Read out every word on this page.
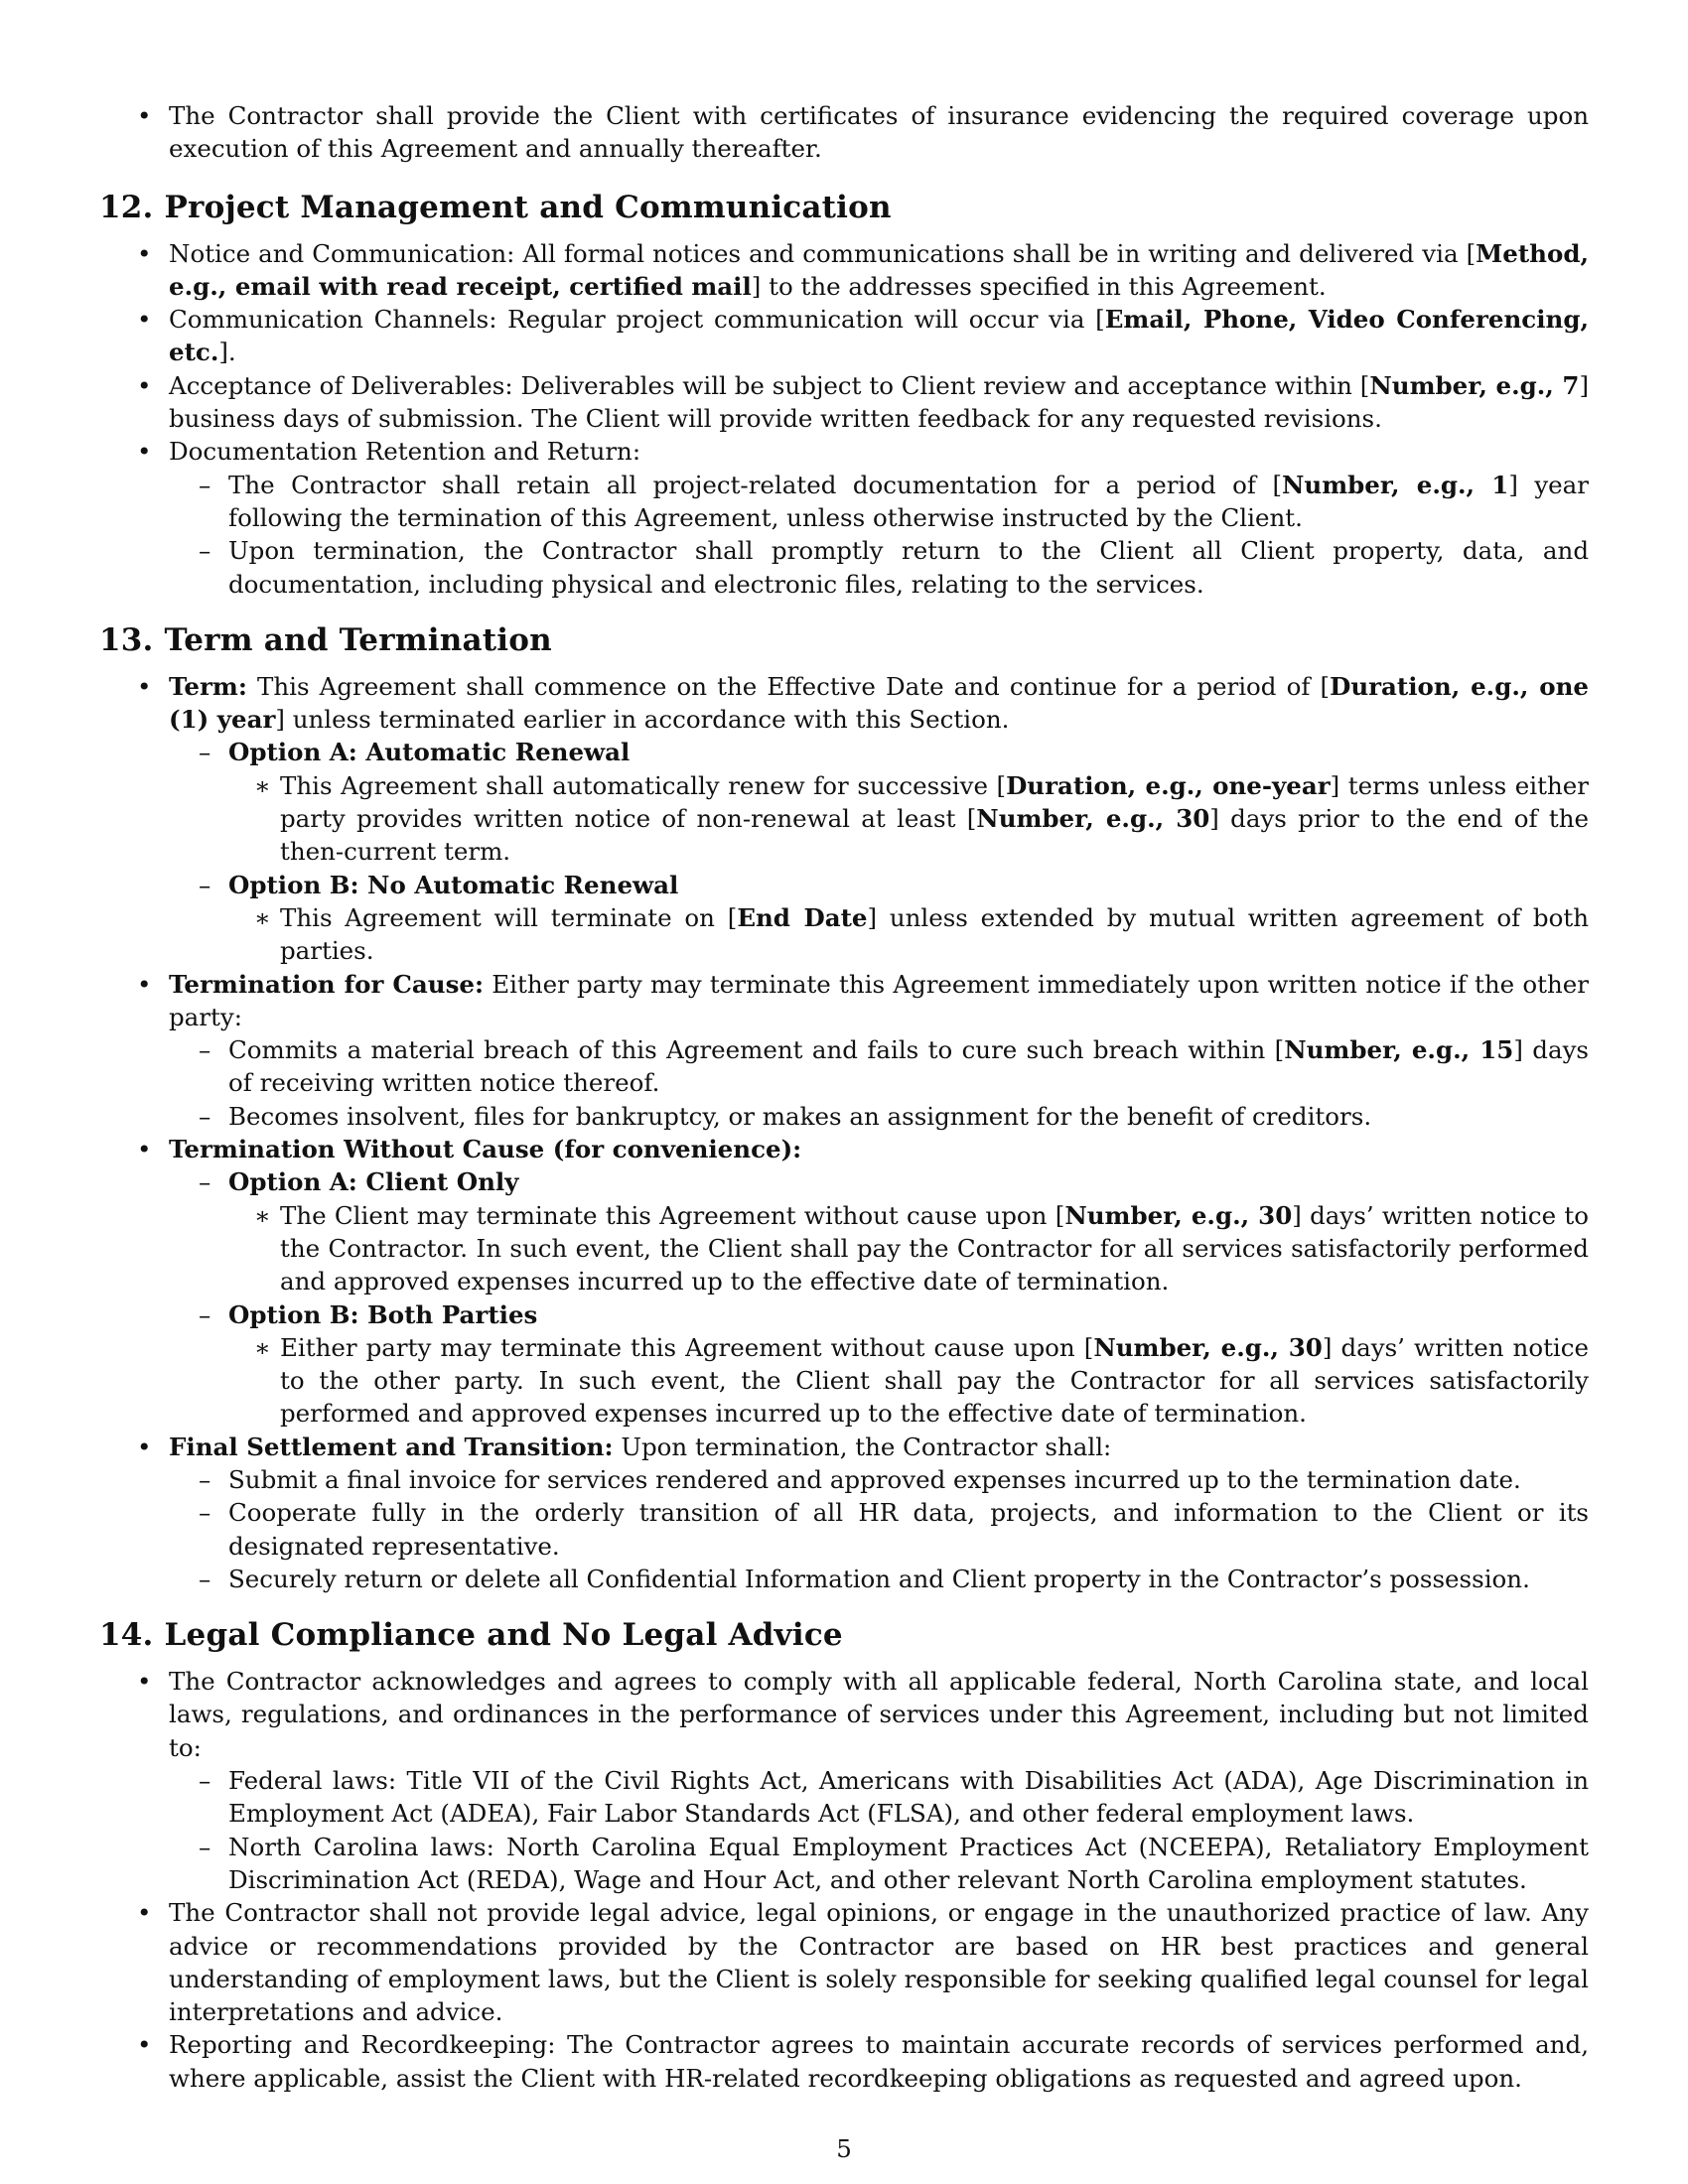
• The Contractor shall provide the Client with certificates of insurance evidencing the required coverage upon execution of this Agreement and annually thereafter.
12. Project Management and Communication
• Notice and Communication: All formal notices and communications shall be in writing and delivered via [Method, e.g., email with read receipt, certified mail] to the addresses specified in this Agreement.
• Communication Channels: Regular project communication will occur via [Email, Phone, Video Conferencing, etc.].
• Acceptance of Deliverables: Deliverables will be subject to Client review and acceptance within [Number, e.g., 7] business days of submission. The Client will provide written feedback for any requested revisions.
• Documentation Retention and Return:
– The Contractor shall retain all project-related documentation for a period of [Number, e.g., 1] year following the termination of this Agreement, unless otherwise instructed by the Client.
– Upon termination, the Contractor shall promptly return to the Client all Client property, data, and documentation, including physical and electronic files, relating to the services.
13. Term and Termination
• Term: This Agreement shall commence on the Effective Date and continue for a period of [Duration, e.g., one (1) year] unless terminated earlier in accordance with this Section.
– Option A: Automatic Renewal
∗ This Agreement shall automatically renew for successive [Duration, e.g., one-year] terms unless either party provides written notice of non-renewal at least [Number, e.g., 30] days prior to the end of the then-current term.
– Option B: No Automatic Renewal
∗ This Agreement will terminate on [End Date] unless extended by mutual written agreement of both parties.
• Termination for Cause: Either party may terminate this Agreement immediately upon written notice if the other party:
– Commits a material breach of this Agreement and fails to cure such breach within [Number, e.g., 15] days of receiving written notice thereof.
– Becomes insolvent, files for bankruptcy, or makes an assignment for the benefit of creditors.
• Termination Without Cause (for convenience):
– Option A: Client Only
∗ The Client may terminate this Agreement without cause upon [Number, e.g., 30] days’ written notice to the Contractor. In such event, the Client shall pay the Contractor for all services satisfactorily performed and approved expenses incurred up to the effective date of termination.
– Option B: Both Parties
∗ Either party may terminate this Agreement without cause upon [Number, e.g., 30] days’ written notice to the other party. In such event, the Client shall pay the Contractor for all services satisfactorily performed and approved expenses incurred up to the effective date of termination.
• Final Settlement and Transition: Upon termination, the Contractor shall:
– Submit a final invoice for services rendered and approved expenses incurred up to the termination date.
– Cooperate fully in the orderly transition of all HR data, projects, and information to the Client or its designated representative.
– Securely return or delete all Confidential Information and Client property in the Contractor’s possession.
14. Legal Compliance and No Legal Advice
• The Contractor acknowledges and agrees to comply with all applicable federal, North Carolina state, and local laws, regulations, and ordinances in the performance of services under this Agreement, including but not limited to:
– Federal laws: Title VII of the Civil Rights Act, Americans with Disabilities Act (ADA), Age Discrimination in Employment Act (ADEA), Fair Labor Standards Act (FLSA), and other federal employment laws.
– North Carolina laws: North Carolina Equal Employment Practices Act (NCEEPA), Retaliatory Employment Discrimination Act (REDA), Wage and Hour Act, and other relevant North Carolina employment statutes.
• The Contractor shall not provide legal advice, legal opinions, or engage in the unauthorized practice of law. Any advice or recommendations provided by the Contractor are based on HR best practices and general understanding of employment laws, but the Client is solely responsible for seeking qualified legal counsel for legal interpretations and advice.
• Reporting and Recordkeeping: The Contractor agrees to maintain accurate records of services performed and, where applicable, assist the Client with HR-related recordkeeping obligations as requested and agreed upon.
5
